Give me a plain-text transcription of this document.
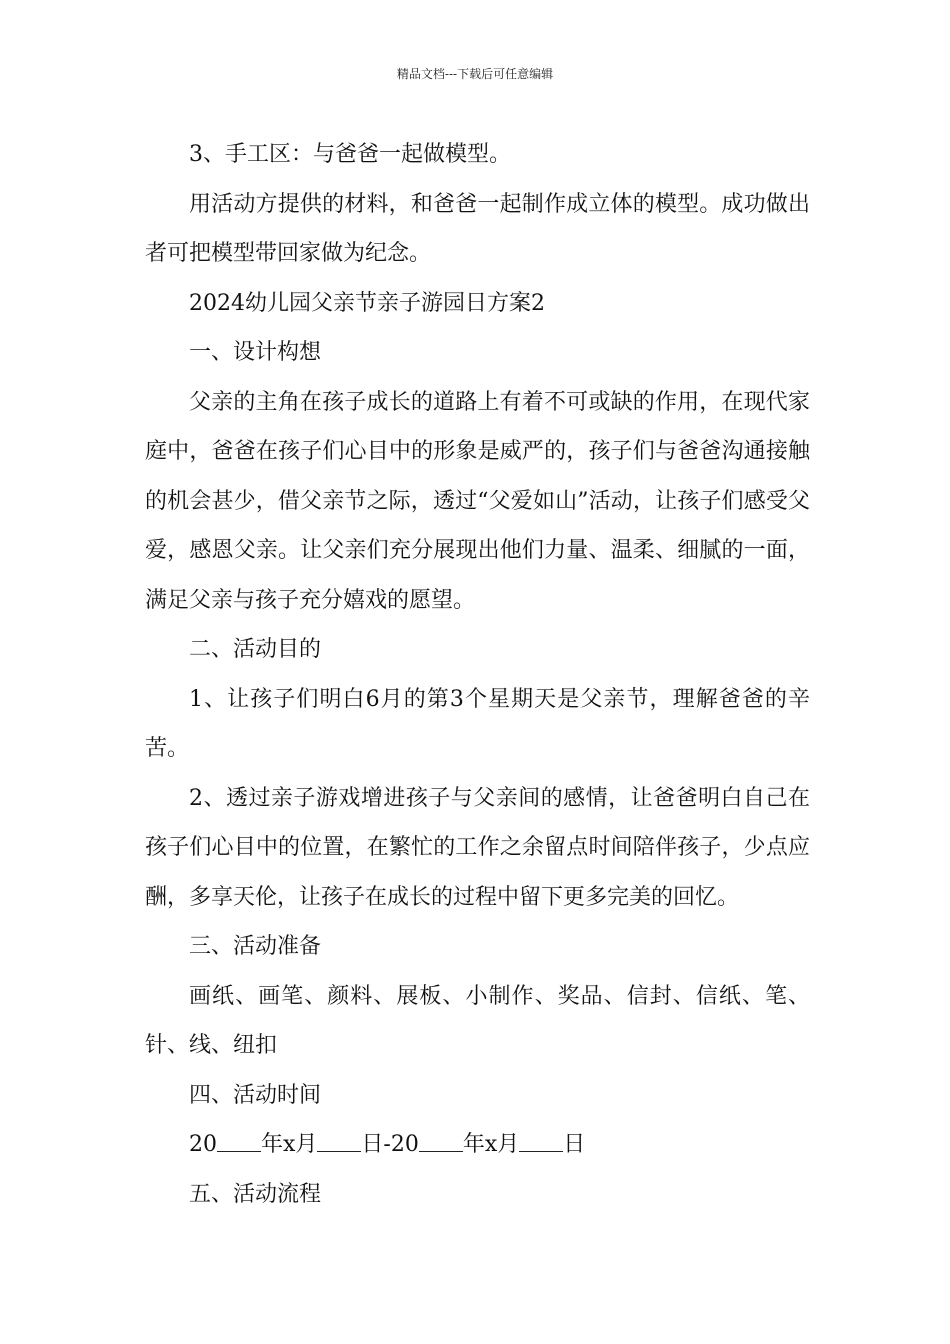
精品文档---下载后可任意编辑

3、手工区：与爸爸一起做模型。

用活动方提供的材料，和爸爸一起制作成立体的模型。成功做出者可把模型带回家做为纪念。

2024幼儿园父亲节亲子游园日方案2

一、设计构想

父亲的主角在孩子成长的道路上有着不可或缺的作用，在现代家庭中，爸爸在孩子们心目中的形象是威严的，孩子们与爸爸沟通接触的机会甚少，借父亲节之际，透过“父爱如山”活动，让孩子们感受父爱，感恩父亲。让父亲们充分展现出他们力量、温柔、细腻的一面，满足父亲与孩子充分嬉戏的愿望。

二、活动目的

1、让孩子们明白6月的第3个星期天是父亲节，理解爸爸的辛苦。

2、透过亲子游戏增进孩子与父亲间的感情，让爸爸明白自己在孩子们心目中的位置，在繁忙的工作之余留点时间陪伴孩子，少点应酬，多享天伦，让孩子在成长的过程中留下更多完美的回忆。

三、活动准备

画纸、画笔、颜料、展板、小制作、奖品、信封、信纸、笔、针、线、纽扣

四、活动时间

20 年x月 日-20 年x月 日

五、活动流程
